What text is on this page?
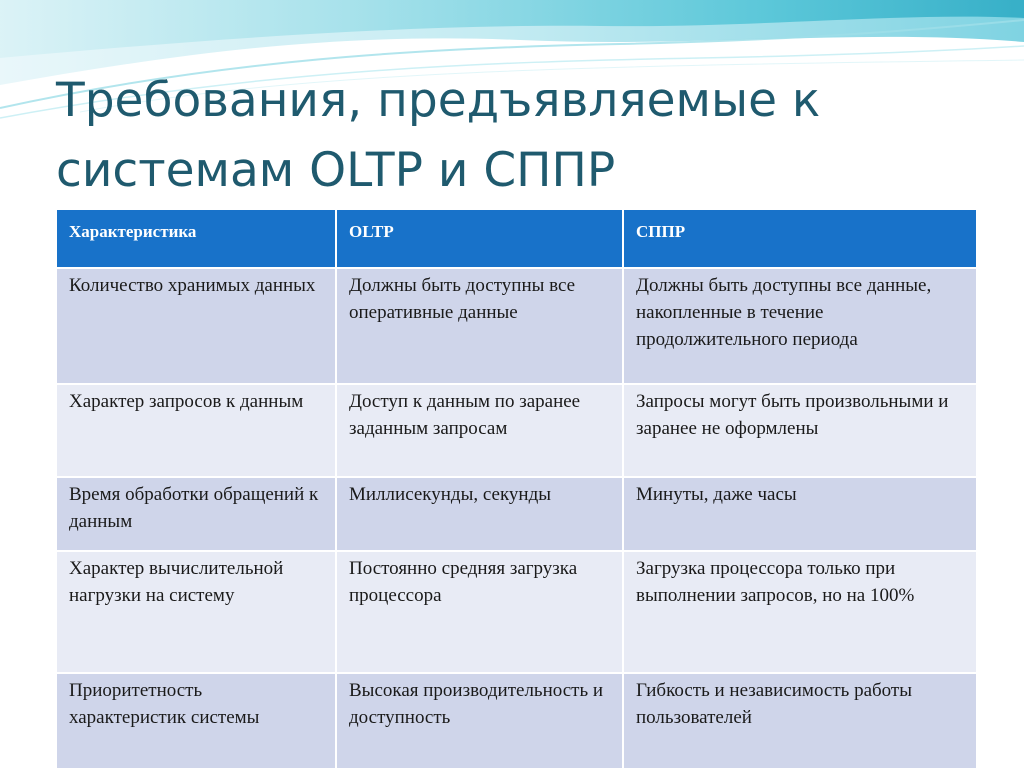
Требования, предъявляемые к системам OLTP и СППР
Характеристика	OLTP	СППР
Количество хранимых данных	Должны быть доступны все оперативные данные	Должны быть доступны все данные, накопленные в течение продолжительного периода
Характер запросов к данным	Доступ к данным по заранее заданным запросам	Запросы могут быть произвольными и заранее не оформлены
Время обработки обращений к данным	Миллисекунды, секунды	Минуты, даже часы
Характер вычислительной нагрузки на систему	Постоянно средняя загрузка процессора	Загрузка процессора только при выполнении запросов, но на 100%
Приоритетность характеристик системы	Высокая производительность и доступность	Гибкость и независимость работы пользователей
